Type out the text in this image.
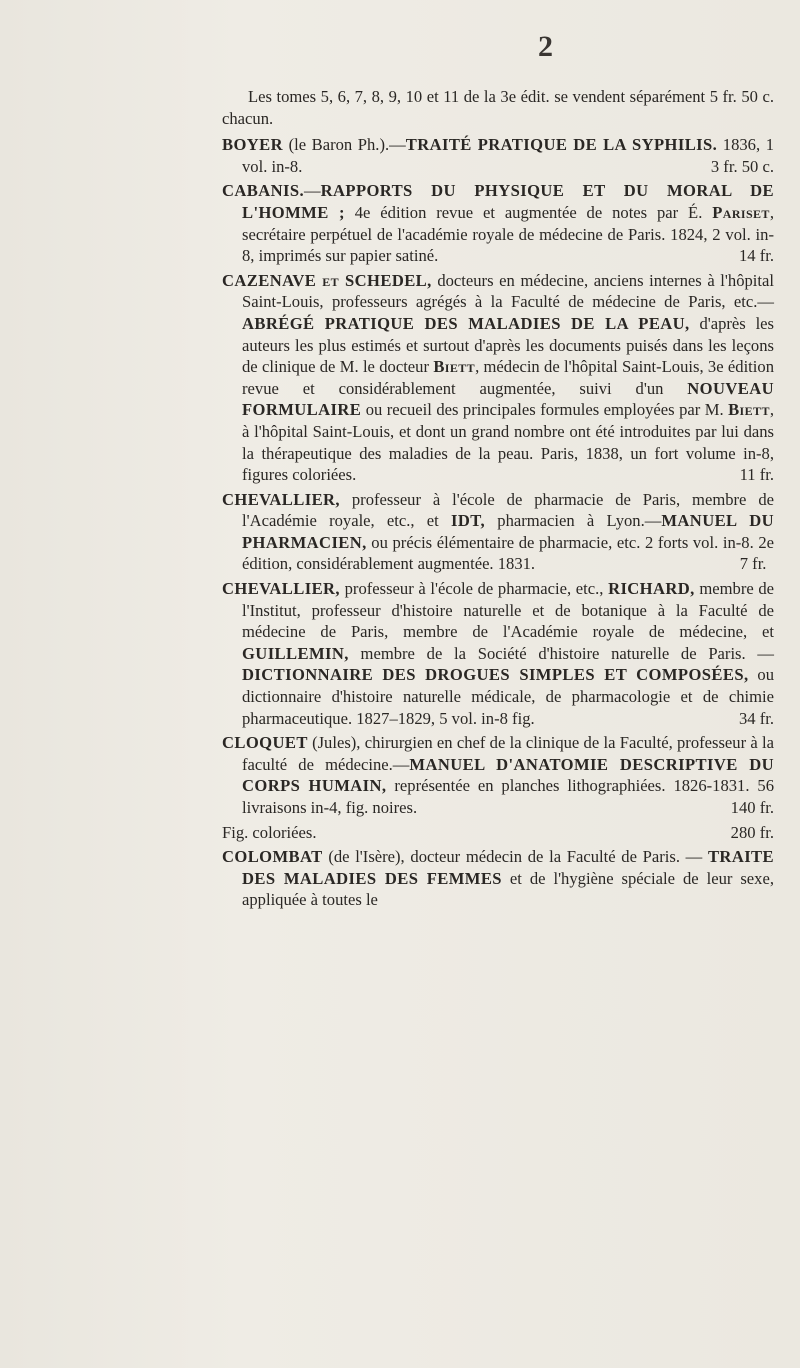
2

Les tomes 5, 6, 7, 8, 9, 10 et 11 de la 3e édit. se vendent séparément 5 fr. 50 c. chacun.

BOYER (le Baron Ph.).—TRAITÉ PRATIQUE DE LA SYPHILIS. 1836, 1 vol. in-8.	3 fr. 50 c.

CABANIS.—RAPPORTS DU PHYSIQUE ET DU MORAL DE L'HOMME ; 4e édition revue et augmentée de notes par É. Pariset, secrétaire perpétuel de l'académie royale de médecine de Paris. 1824, 2 vol. in-8, imprimés sur papier satiné.	14 fr.

CAZENAVE et SCHEDEL, docteurs en médecine, anciens internes à l'hôpital Saint-Louis, professeurs agrégés à la Faculté de médecine de Paris, etc.—ABRÉGÉ PRATIQUE DES MALADIES DE LA PEAU, d'après les auteurs les plus estimés et surtout d'après les documents puisés dans les leçons de clinique de M. le docteur Biett, médecin de l'hôpital Saint-Louis, 3e édition revue et considérablement augmentée, suivi d'un NOUVEAU FORMULAIRE ou recueil des principales formules employées par M. Biett, à l'hôpital Saint-Louis, et dont un grand nombre ont été introduites par lui dans la thérapeutique des maladies de la peau. Paris, 1838, un fort volume in-8, figures coloriées.	11 fr.

CHEVALLIER, professeur à l'école de pharmacie de Paris, membre de l'Académie royale, etc., et IDT, pharmacien à Lyon.—MANUEL DU PHARMACIEN, ou précis élémentaire de pharmacie, etc. 2 forts vol. in-8. 2e édition, considérablement augmentée. 1831.	7 fr.

CHEVALLIER, professeur à l'école de pharmacie, etc., RICHARD, membre de l'Institut, professeur d'histoire naturelle et de botanique à la Faculté de médecine de Paris, membre de l'Académie royale de médecine, et GUILLEMIN, membre de la Société d'histoire naturelle de Paris. —DICTIONNAIRE DES DROGUES SIMPLES ET COMPOSÉES, ou dictionnaire d'histoire naturelle médicale, de pharmacologie et de chimie pharmaceutique. 1827–1829, 5 vol. in-8 fig.	34 fr.

CLOQUET (Jules), chirurgien en chef de la clinique de la Faculté, professeur à la faculté de médecine.—MANUEL D'ANATOMIE DESCRIPTIVE DU CORPS HUMAIN, représentée en planches lithographiées. 1826-1831. 56 livraisons in-4, fig. noires.	140 fr.

Fig. coloriées.	280 fr.

COLOMBAT (de l'Isère), docteur médecin de la Faculté de Paris. — TRAITE DES MALADIES DES FEMMES et de l'hygiène spéciale de leur sexe, appliquée à toutes le
